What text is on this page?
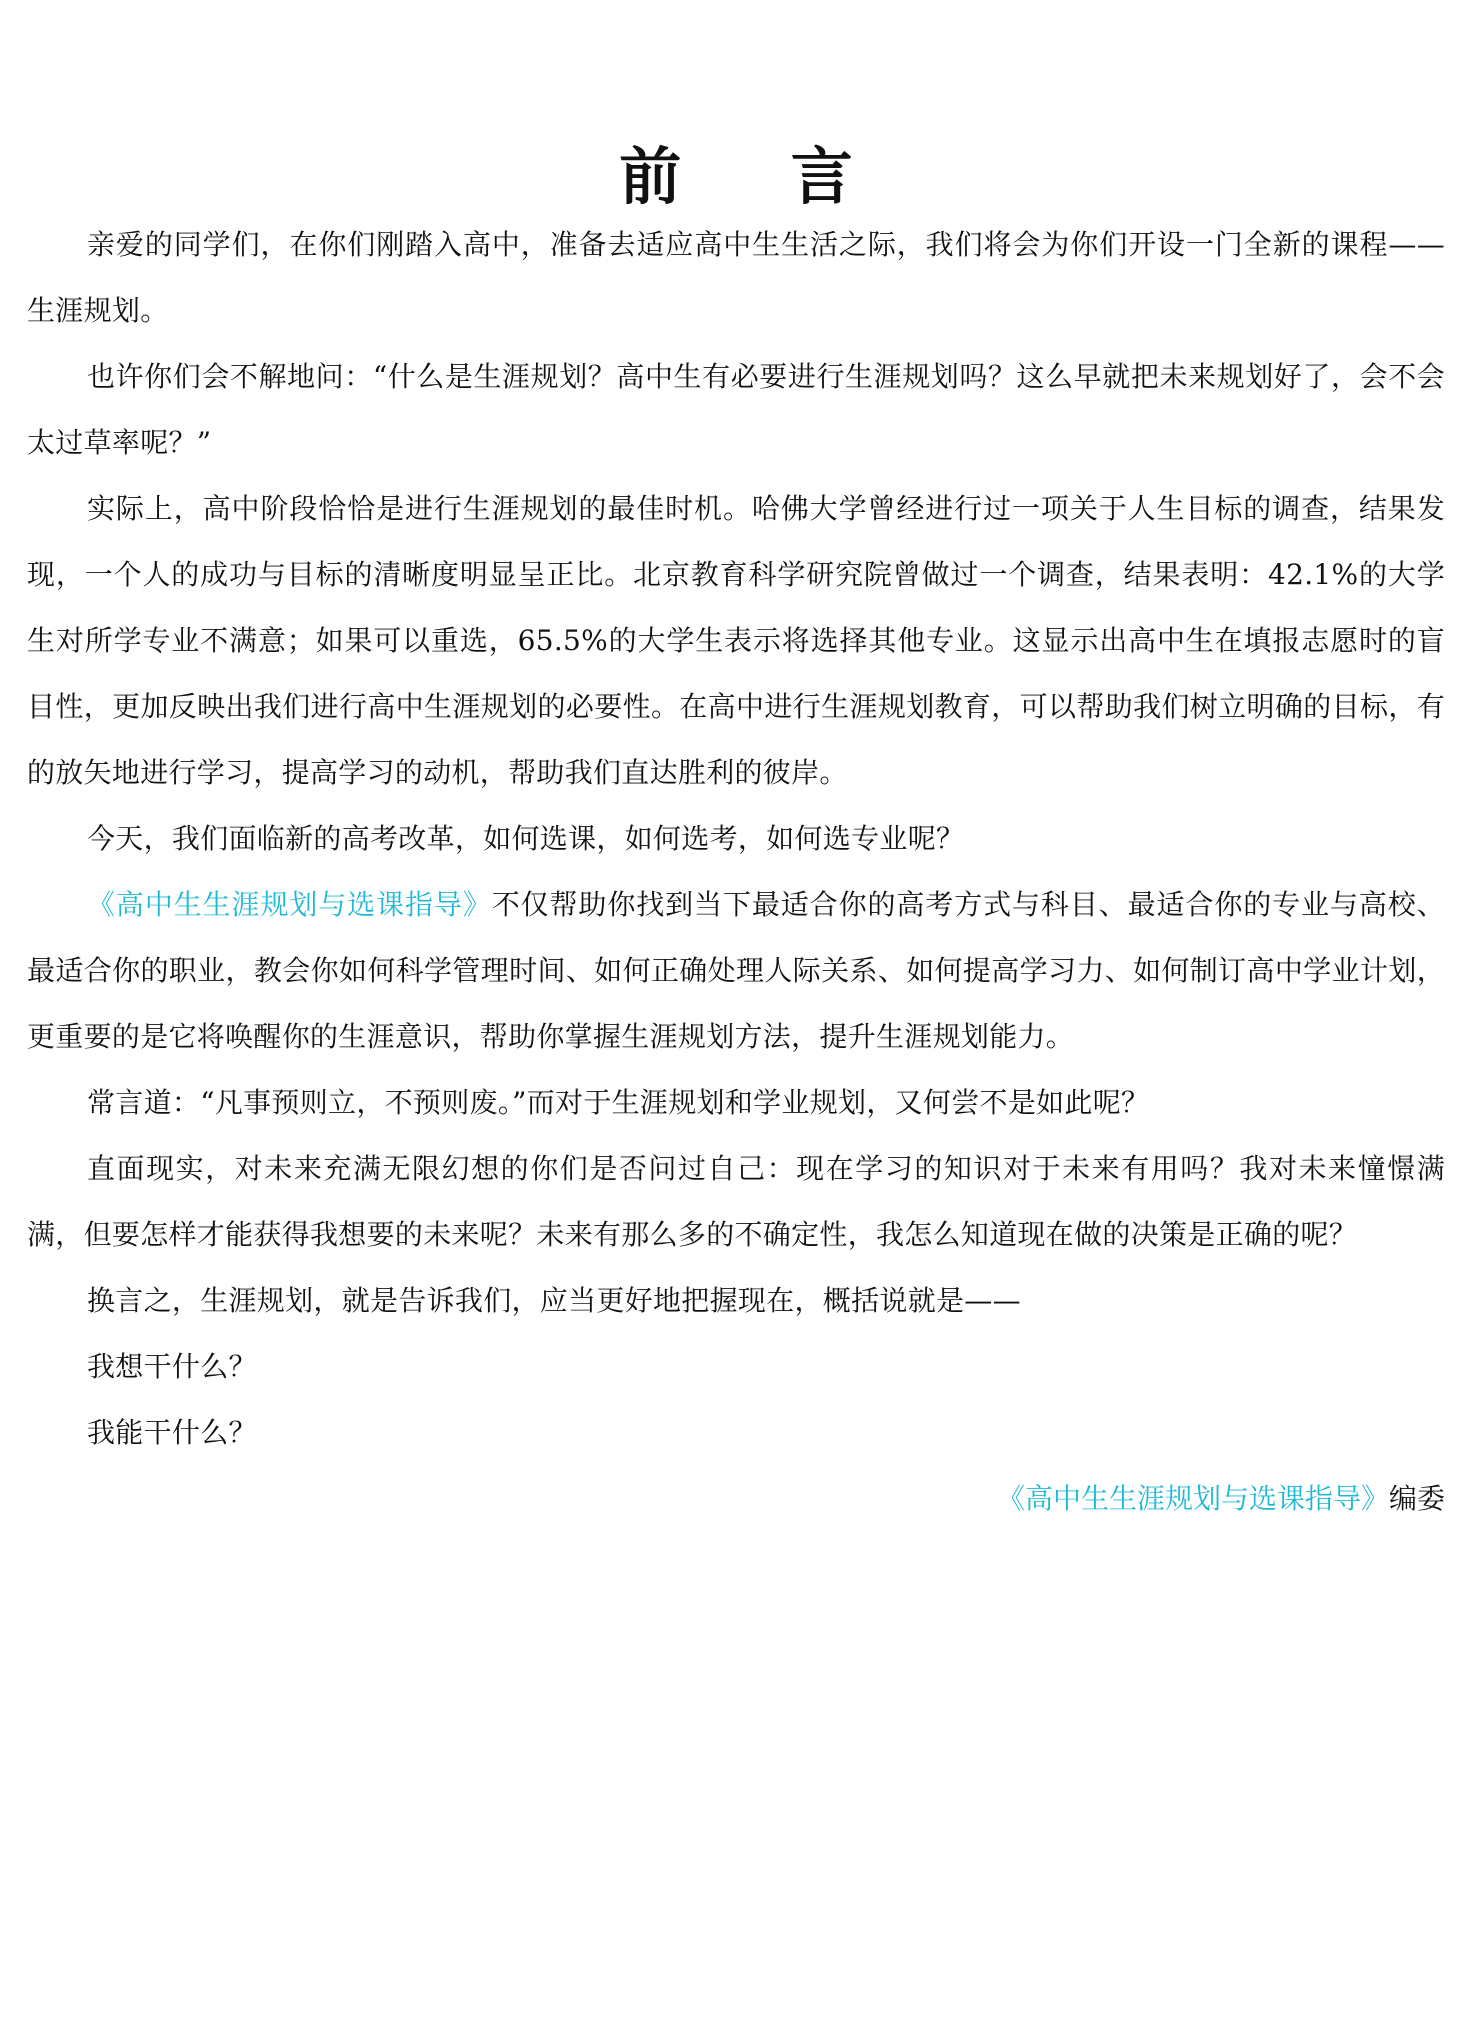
前 言

亲爱的同学们，在你们刚踏入高中，准备去适应高中生生活之际，我们将会为你们开设一门全新的课程——生涯规划。

也许你们会不解地问：“什么是生涯规划？高中生有必要进行生涯规划吗？这么早就把未来规划好了，会不会太过草率呢？”

实际上，高中阶段恰恰是进行生涯规划的最佳时机。哈佛大学曾经进行过一项关于人生目标的调查，结果发现，一个人的成功与目标的清晰度明显呈正比。北京教育科学研究院曾做过一个调查，结果表明：42.1%的大学生对所学专业不满意；如果可以重选，65.5%的大学生表示将选择其他专业。这显示出高中生在填报志愿时的盲目性，更加反映出我们进行高中生涯规划的必要性。在高中进行生涯规划教育，可以帮助我们树立明确的目标，有的放矢地进行学习，提高学习的动机，帮助我们直达胜利的彼岸。

今天，我们面临新的高考改革，如何选课，如何选考，如何选专业呢？

《高中生生涯规划与选课指导》不仅帮助你找到当下最适合你的高考方式与科目、最适合你的专业与高校、最适合你的职业，教会你如何科学管理时间、如何正确处理人际关系、如何提高学习力、如何制订高中学业计划，更重要的是它将唤醒你的生涯意识，帮助你掌握生涯规划方法，提升生涯规划能力。

常言道：“凡事预则立，不预则废。”而对于生涯规划和学业规划，又何尝不是如此呢？

直面现实，对未来充满无限幻想的你们是否问过自己：现在学习的知识对于未来有用吗？我对未来憧憬满满，但要怎样才能获得我想要的未来呢？未来有那么多的不确定性，我怎么知道现在做的决策是正确的呢？

换言之，生涯规划，就是告诉我们，应当更好地把握现在，概括说就是——

我想干什么？

我能干什么？

《高中生生涯规划与选课指导》编委
